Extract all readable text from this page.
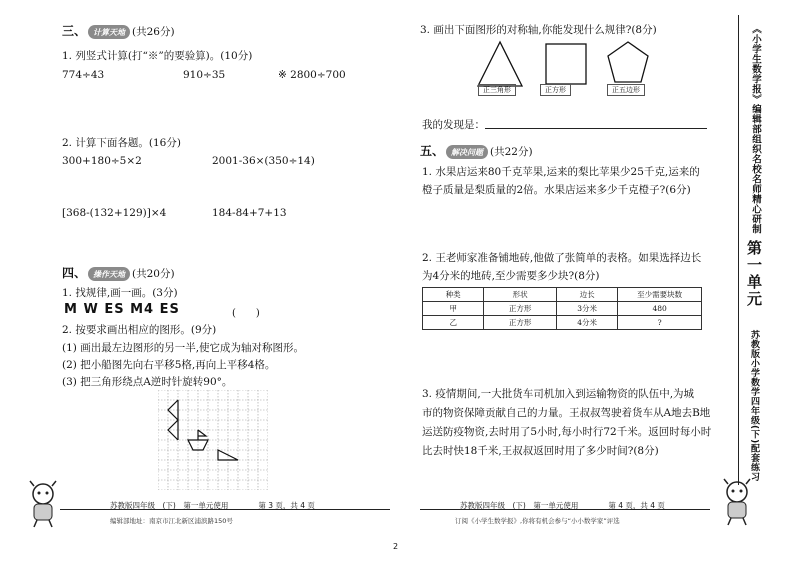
三、 计算天地 (共26分)
1. 列竖式计算(打“※”的要验算)。(10分)
774÷43	910÷35	※ 2800÷700
2. 计算下面各题。(16分)
300+180÷5×2	2001-36×(350÷14)
[368-(132+129)]×4	184-84+7+13
四、 操作天地 (共20分)
1. 找规律,画一画。(3分)
M W ES M4 ES	(　　)
2. 按要求画出相应的图形。(9分)
(1) 画出最左边图形的另一半,使它成为轴对称图形。
(2) 把小船图先向右平移5格,再向上平移4格。
(3) 把三角形绕点A逆时针旋转90°。
苏教版四年级　(下)　第一单元使用　　　　第 3 页，共 4 页
编辑部地址：南京市江北新区浦滨路150号
3. 画出下面图形的对称轴,你能发现什么规律?(8分)
正三角形	正方形	正五边形
我的发现是：
五、 解决问题 (共22分)
1. 水果店运来80千克苹果,运来的梨比苹果少25千克,运来的
橙子质量是梨质量的2倍。水果店运来多少千克橙子?(6分)
2. 王老师家准备铺地砖,他做了张简单的表格。如果选择边长
为4分米的地砖,至少需要多少块?(8分)
种类	形状	边长	至少需要块数
甲	正方形	3分米	480
乙	正方形	4分米	?
3. 疫情期间,一大批货车司机加入到运输物资的队伍中,为城
市的物资保障贡献自己的力量。王叔叔驾驶着货车从A地去B地
运送防疫物资,去时用了5小时,每小时行72千米。返回时每小时
比去时快18千米,王叔叔返回时用了多少时间?(8分)
苏教版四年级　(下)　第一单元使用　　　　第 4 页，共 4 页
订阅《小学生数学报》,你将有机会参与“小小数学家”评选
《小学生数学报》编辑部组织名校名师精心研制
第一单元
苏教版小学数学四年级(下)配套练习
2
